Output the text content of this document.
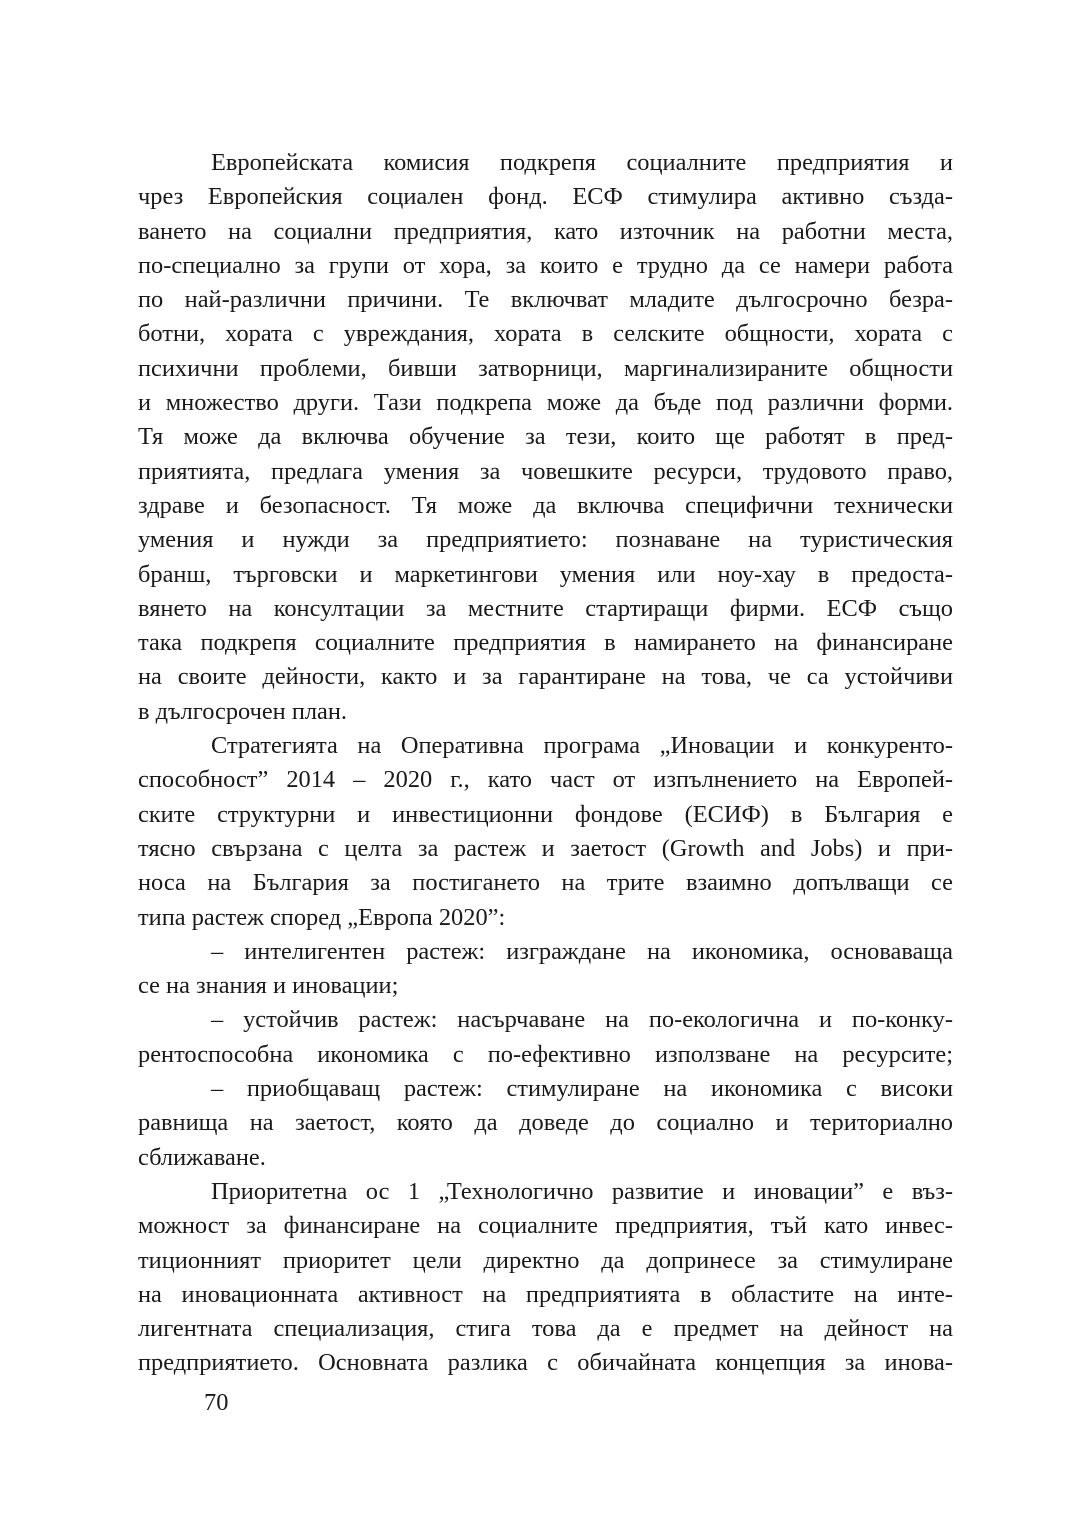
Европейската комисия подкрепя социалните предприятия и
чрез Европейския социален фонд. ЕСФ стимулира активно създа-
ването на социални предприятия, като източник на работни места,
по-специално за групи от хора, за които е трудно да се намери работа
по най-различни причини. Те включват младите дългосрочно безра-
ботни, хората с увреждания, хората в селските общности, хората с
психични проблеми, бивши затворници, маргинализираните общности
и множество други. Тази подкрепа може да бъде под различни форми.
Тя може да включва обучение за тези, които ще работят в пред-
приятията, предлага умения за човешките ресурси, трудовото право,
здраве и безопасност. Тя може да включва специфични технически
умения и нужди за предприятието: познаване на туристическия
бранш, търговски и маркетингови умения или ноу-хау в предоста-
вянето на консултации за местните стартиращи фирми. ЕСФ също
така подкрепя социалните предприятия в намирането на финансиране
на своите дейности, както и за гарантиране на това, че са устойчиви
в дългосрочен план.
Стратегията на Оперативна програма „Иновации и конкуренто-
способност” 2014 – 2020 г., като част от изпълнението на Европей-
ските структурни и инвестиционни фондове (ЕСИФ) в България е
тясно свързана с целта за растеж и заетост (Growth and Jobs) и при-
носа на България за постигането на трите взаимно допълващи се
типа растеж според „Европа 2020”:
– интелигентен растеж: изграждане на икономика, основаваща
се на знания и иновации;
– устойчив растеж: насърчаване на по-екологична и по-конку-
рентоспособна икономика с по-ефективно използване на ресурсите;
– приобщаващ растеж: стимулиране на икономика с високи
равнища на заетост, която да доведе до социално и териториално
сближаване.
Приоритетна ос 1 „Технологично развитие и иновации” е въз-
можност за финансиране на социалните предприятия, тъй като инвес-
тиционният приоритет цели директно да допринесе за стимулиране
на иновационната активност на предприятията в областите на инте-
лигентната специализация, стига това да е предмет на дейност на
предприятието. Основната разлика с обичайната концепция за инова-
70
